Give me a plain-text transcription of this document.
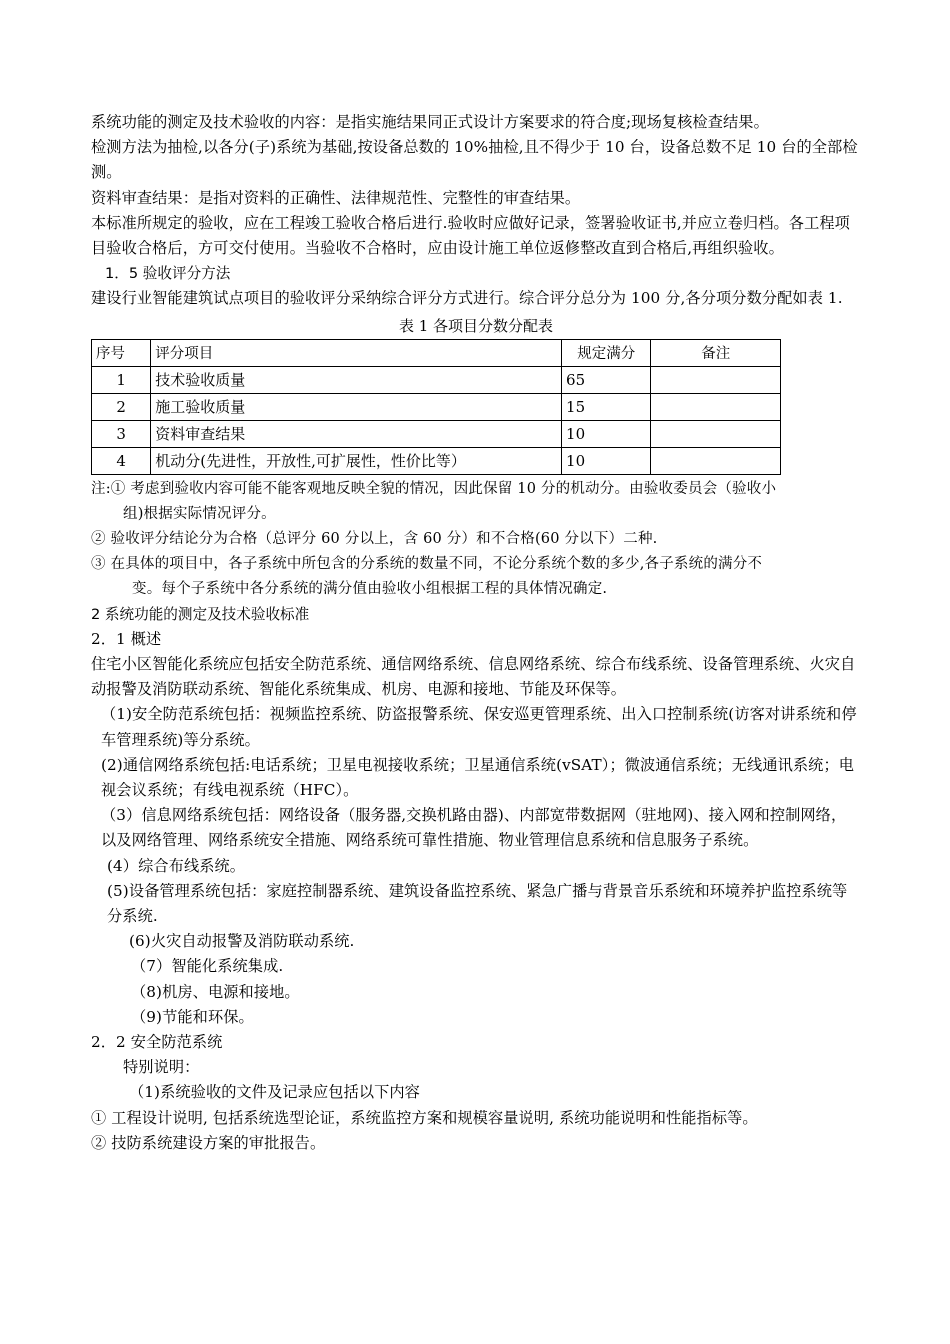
系统功能的测定及技术验收的内容：是指实施结果同正式设计方案要求的符合度;现场复核检查结果。

检测方法为抽检,以各分(子)系统为基础,按设备总数的 10%抽检,且不得少于 10 台，设备总数不足 10 台的全部检测。

资料审查结果：是指对资料的正确性、法律规范性、完整性的审查结果。

本标准所规定的验收，应在工程竣工验收合格后进行.验收时应做好记录，签署验收证书,并应立卷归档。各工程项目验收合格后，方可交付使用。当验收不合格时，应由设计施工单位返修整改直到合格后,再组织验收。

1．5 验收评分方法

建设行业智能建筑试点项目的验收评分采纳综合评分方式进行。综合评分总分为 100 分,各分项分数分配如表 1.

表 1 各项目分数分配表
序号	评分项目	规定满分	备注
1	技术验收质量	65	
2	施工验收质量	15	
3	资料审查结果	10	
4	机动分(先进性，开放性,可扩展性，性价比等）	10	

注:① 考虑到验收内容可能不能客观地反映全貌的情况，因此保留 10 分的机动分。由验收委员会（验收小
组)根据实际情况评分。

② 验收评分结论分为合格（总评分 60 分以上，含 60 分）和不合格(60 分以下）二种.

③ 在具体的项目中，各子系统中所包含的分系统的数量不同，不论分系统个数的多少,各子系统的满分不
变。每个子系统中各分系统的满分值由验收小组根据工程的具体情况确定.

2 系统功能的测定及技术验收标准

2．1 概述

住宅小区智能化系统应包括安全防范系统、通信网络系统、信息网络系统、综合布线系统、设备管理系统、火灾自动报警及消防联动系统、智能化系统集成、机房、电源和接地、节能及环保等。

（1)安全防范系统包括：视频监控系统、防盗报警系统、保安巡更管理系统、出入口控制系统(访客对讲系统和停车管理系统)等分系统。

(2)通信网络系统包括:电话系统；卫星电视接收系统；卫星通信系统(vSAT）；微波通信系统；无线通讯系统；电视会议系统；有线电视系统（HFC）。

（3）信息网络系统包括：网络设备（服务器,交换机路由器)、内部宽带数据网（驻地网)、接入网和控制网络，以及网络管理、网络系统安全措施、网络系统可靠性措施、物业管理信息系统和信息服务子系统。

(4）综合布线系统。

(5)设备管理系统包括：家庭控制器系统、建筑设备监控系统、紧急广播与背景音乐系统和环境养护监控系统等分系统.

(6)火灾自动报警及消防联动系统.

（7）智能化系统集成.

（8)机房、电源和接地。

（9)节能和环保。

2．2 安全防范系统

特别说明：

（1)系统验收的文件及记录应包括以下内容

① 工程设计说明, 包括系统选型论证，系统监控方案和规模容量说明, 系统功能说明和性能指标等。

② 技防系统建设方案的审批报告。
